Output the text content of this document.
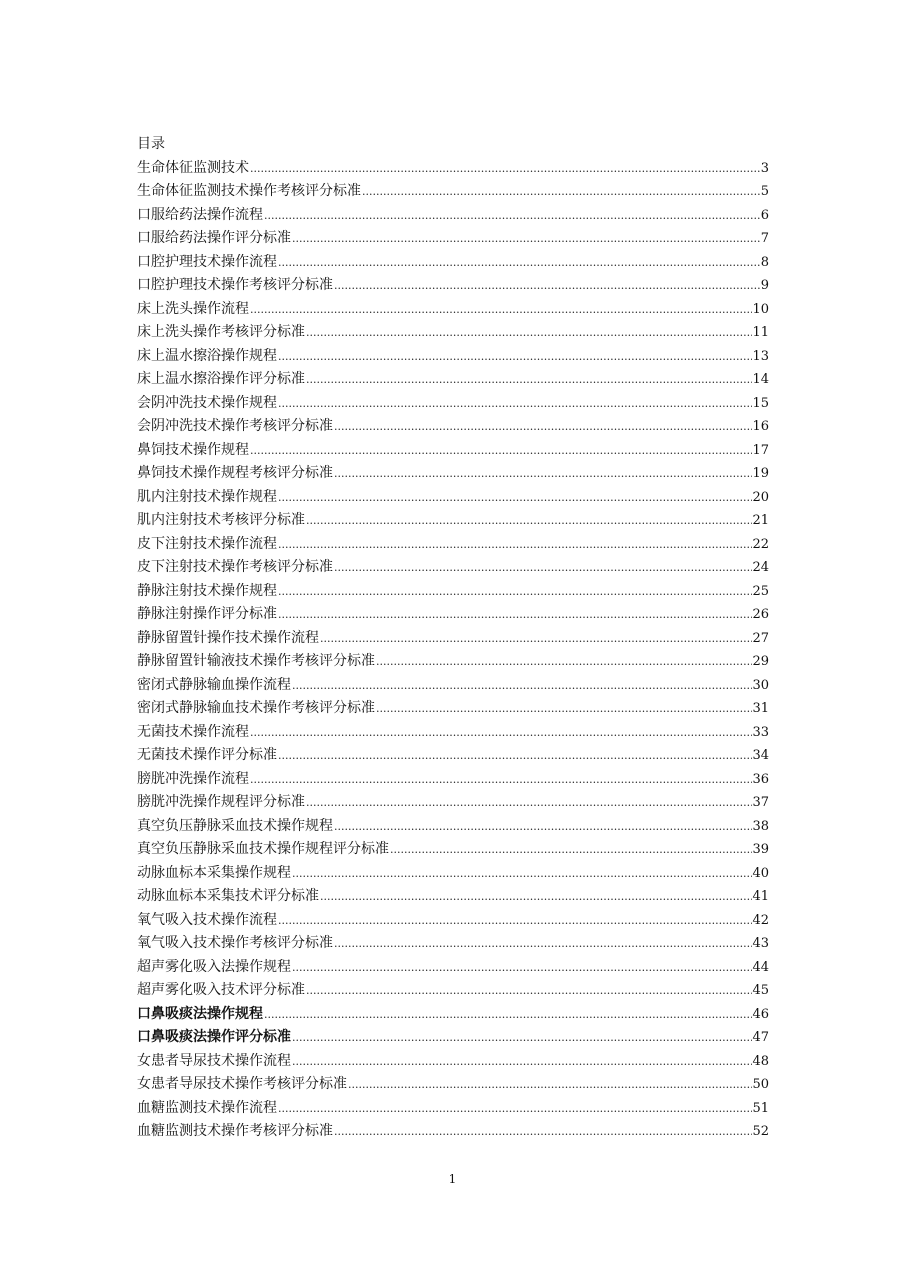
目录
生命体征监测技术 .....	3
生命体征监测技术操作考核评分标准 .....	5
口服给药法操作流程 .....	6
口服给药法操作评分标准 .....	7
口腔护理技术操作流程 .....	8
口腔护理技术操作考核评分标准 .....	9
床上洗头操作流程 .....	10
床上洗头操作考核评分标准 .....	11
床上温水擦浴操作规程 .....	13
床上温水擦浴操作评分标准 .....	14
会阴冲洗技术操作规程 .....	15
会阴冲洗技术操作考核评分标准 .....	16
鼻饲技术操作规程 .....	17
鼻饲技术操作规程考核评分标准 .....	19
肌内注射技术操作规程 .....	20
肌内注射技术考核评分标准 .....	21
皮下注射技术操作流程 .....	22
皮下注射技术操作考核评分标准 .....	24
静脉注射技术操作规程 .....	25
静脉注射操作评分标准 .....	26
静脉留置针操作技术操作流程 .....	27
静脉留置针输液技术操作考核评分标准 .....	29
密闭式静脉输血操作流程 .....	30
密闭式静脉输血技术操作考核评分标准 .....	31
无菌技术操作流程 .....	33
无菌技术操作评分标准 .....	34
膀胱冲洗操作流程 .....	36
膀胱冲洗操作规程评分标准 .....	37
真空负压静脉采血技术操作规程 .....	38
真空负压静脉采血技术操作规程评分标准 .....	39
动脉血标本采集操作规程 .....	40
动脉血标本采集技术评分标准 .....	41
氧气吸入技术操作流程 .....	42
氧气吸入技术操作考核评分标准 .....	43
超声雾化吸入法操作规程 .....	44
超声雾化吸入技术评分标准 .....	45
口鼻吸痰法操作规程 .....	46
口鼻吸痰法操作评分标准 .....	47
女患者导尿技术操作流程 .....	48
女患者导尿技术操作考核评分标准 .....	50
血糖监测技术操作流程 .....	51
血糖监测技术操作考核评分标准 .....	52
1
